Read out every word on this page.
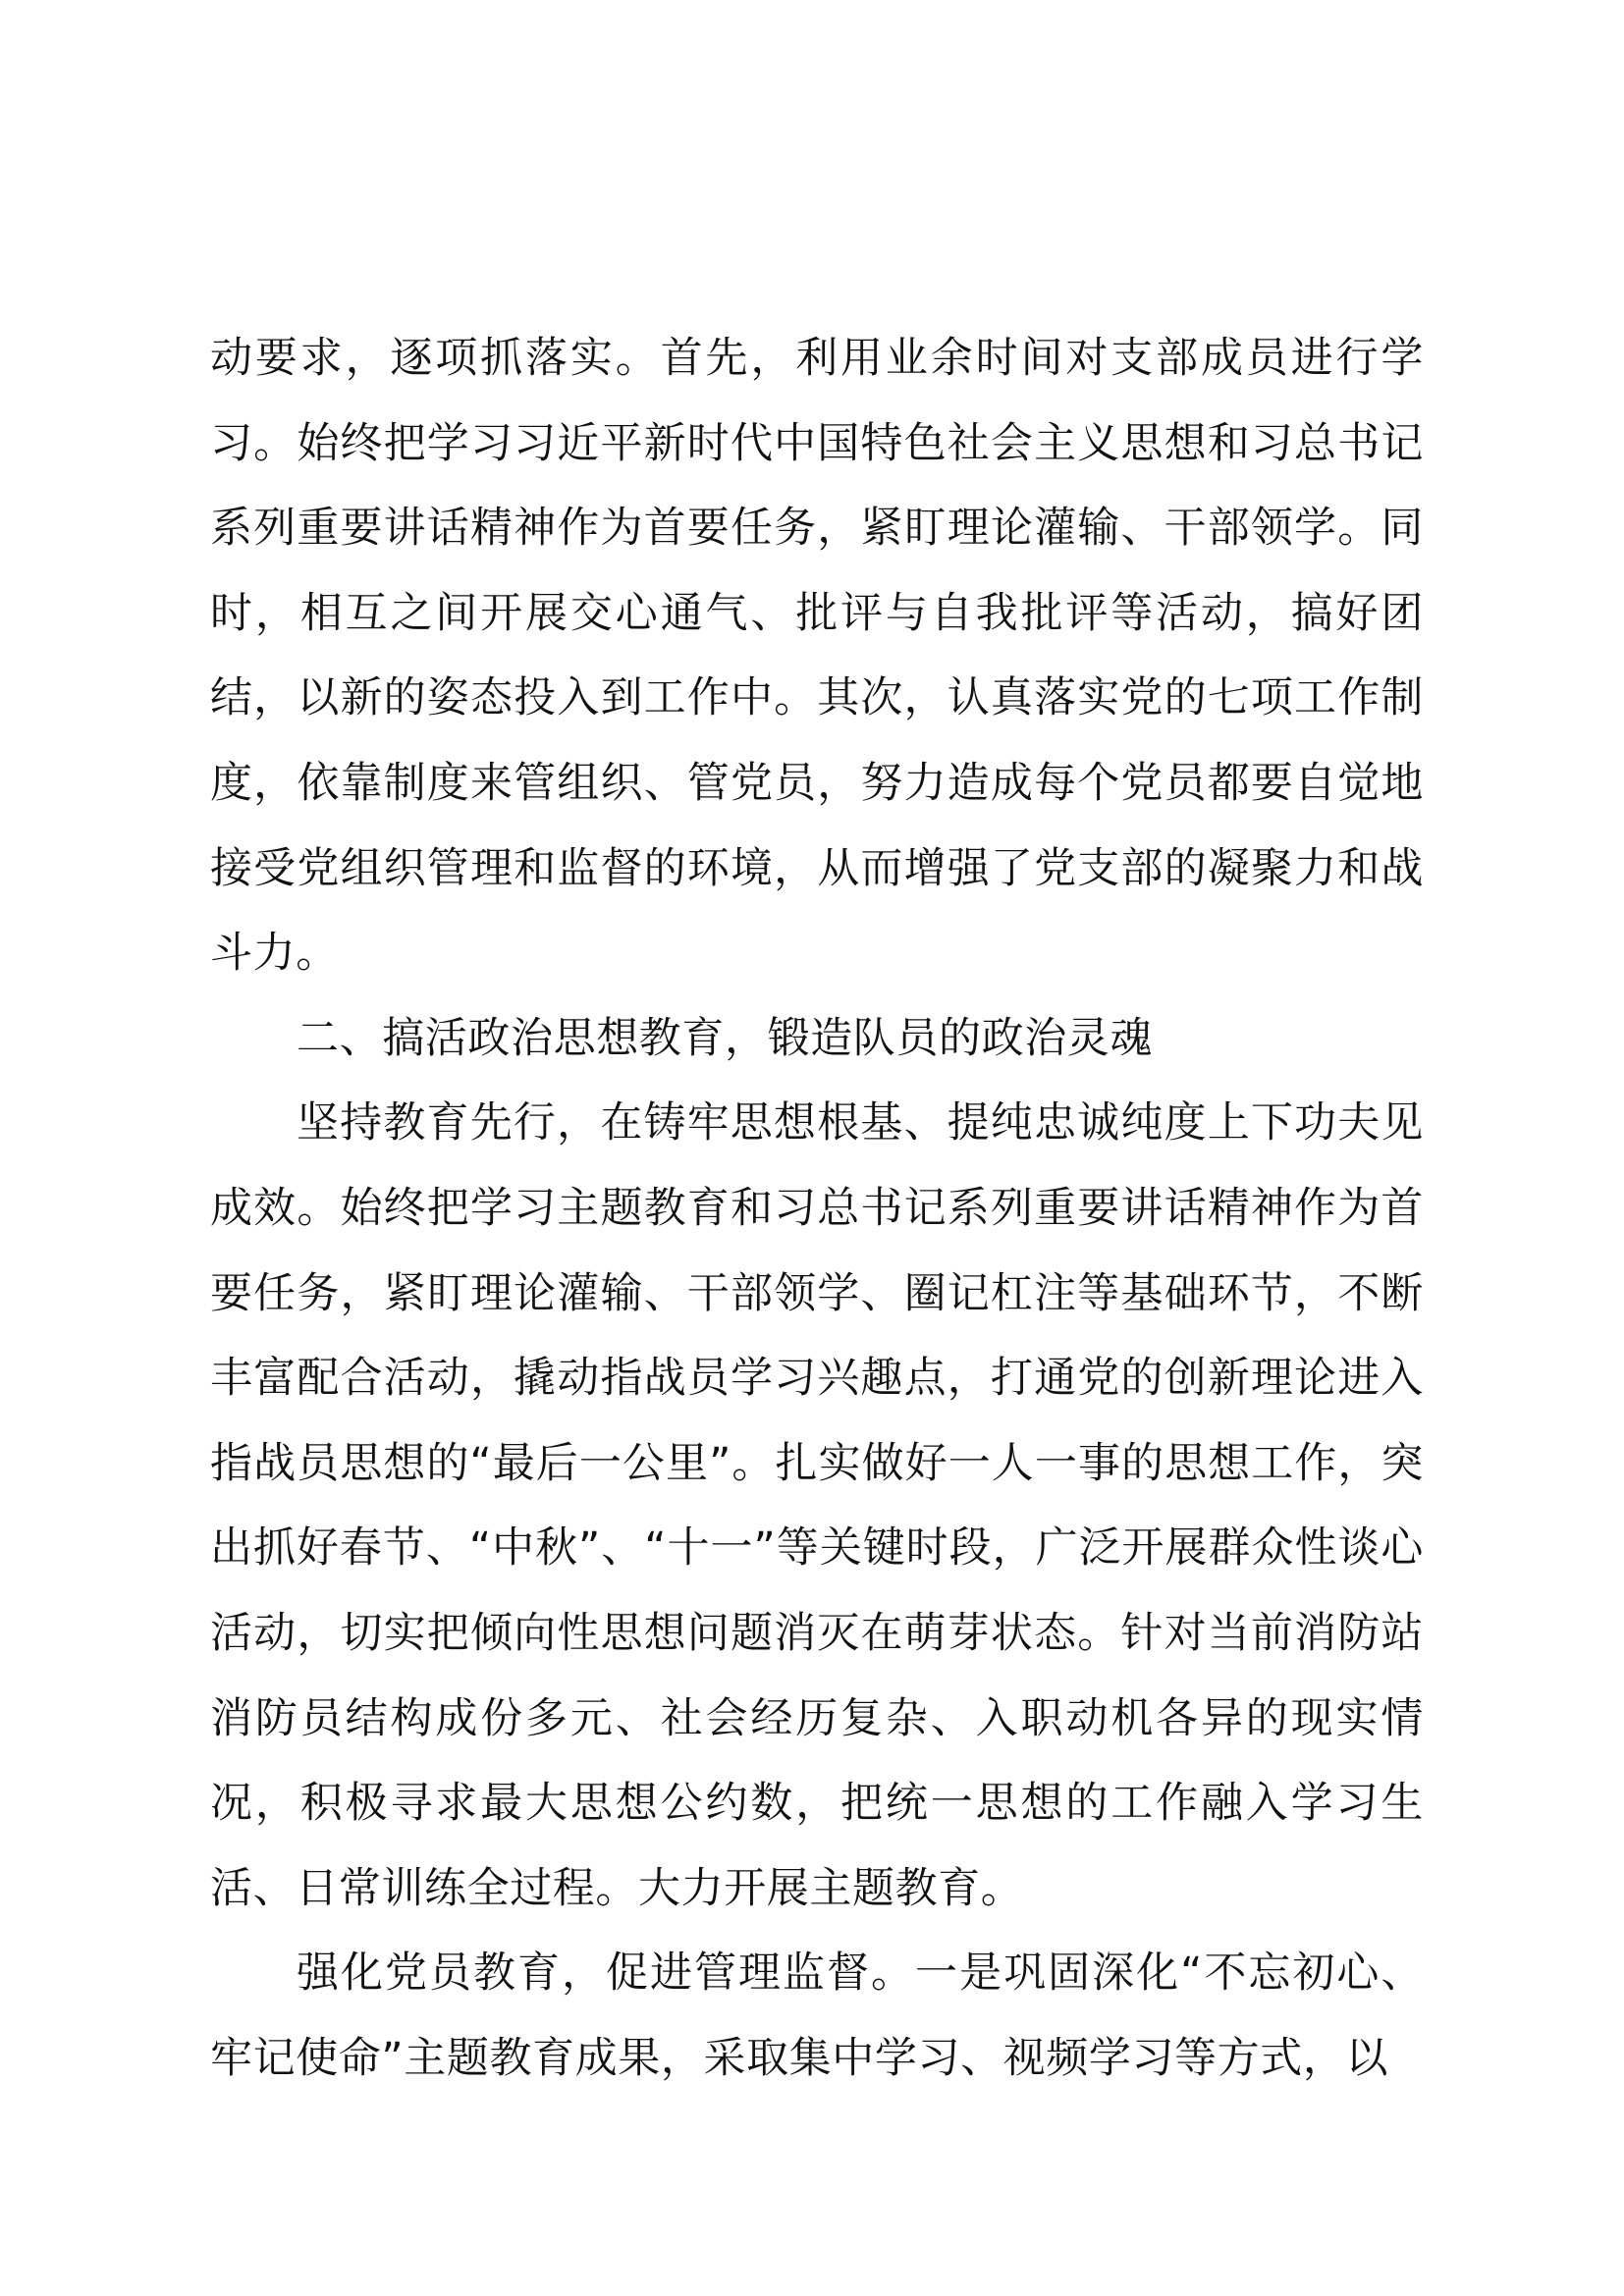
动要求，逐项抓落实。首先，利用业余时间对支部成员进行学习。始终把学习习近平新时代中国特色社会主义思想和习总书记系列重要讲话精神作为首要任务，紧盯理论灌输、干部领学。同时，相互之间开展交心通气、批评与自我批评等活动，搞好团结，以新的姿态投入到工作中。其次，认真落实党的七项工作制度，依靠制度来管组织、管党员，努力造成每个党员都要自觉地接受党组织管理和监督的环境，从而增强了党支部的凝聚力和战斗力。

二、搞活政治思想教育，锻造队员的政治灵魂

坚持教育先行，在铸牢思想根基、提纯忠诚纯度上下功夫见成效。始终把学习主题教育和习总书记系列重要讲话精神作为首要任务，紧盯理论灌输、干部领学、圈记杠注等基础环节，不断丰富配合活动，撬动指战员学习兴趣点，打通党的创新理论进入指战员思想的“最后一公里”。扎实做好一人一事的思想工作，突出抓好春节、“中秋”、“十一”等关键时段，广泛开展群众性谈心活动，切实把倾向性思想问题消灭在萌芽状态。针对当前消防站消防员结构成份多元、社会经历复杂、入职动机各异的现实情况，积极寻求最大思想公约数，把统一思想的工作融入学习生活、日常训练全过程。大力开展主题教育。

强化党员教育，促进管理监督。一是巩固深化“不忘初心、牢记使命”主题教育成果，采取集中学习、视频学习等方式，以
